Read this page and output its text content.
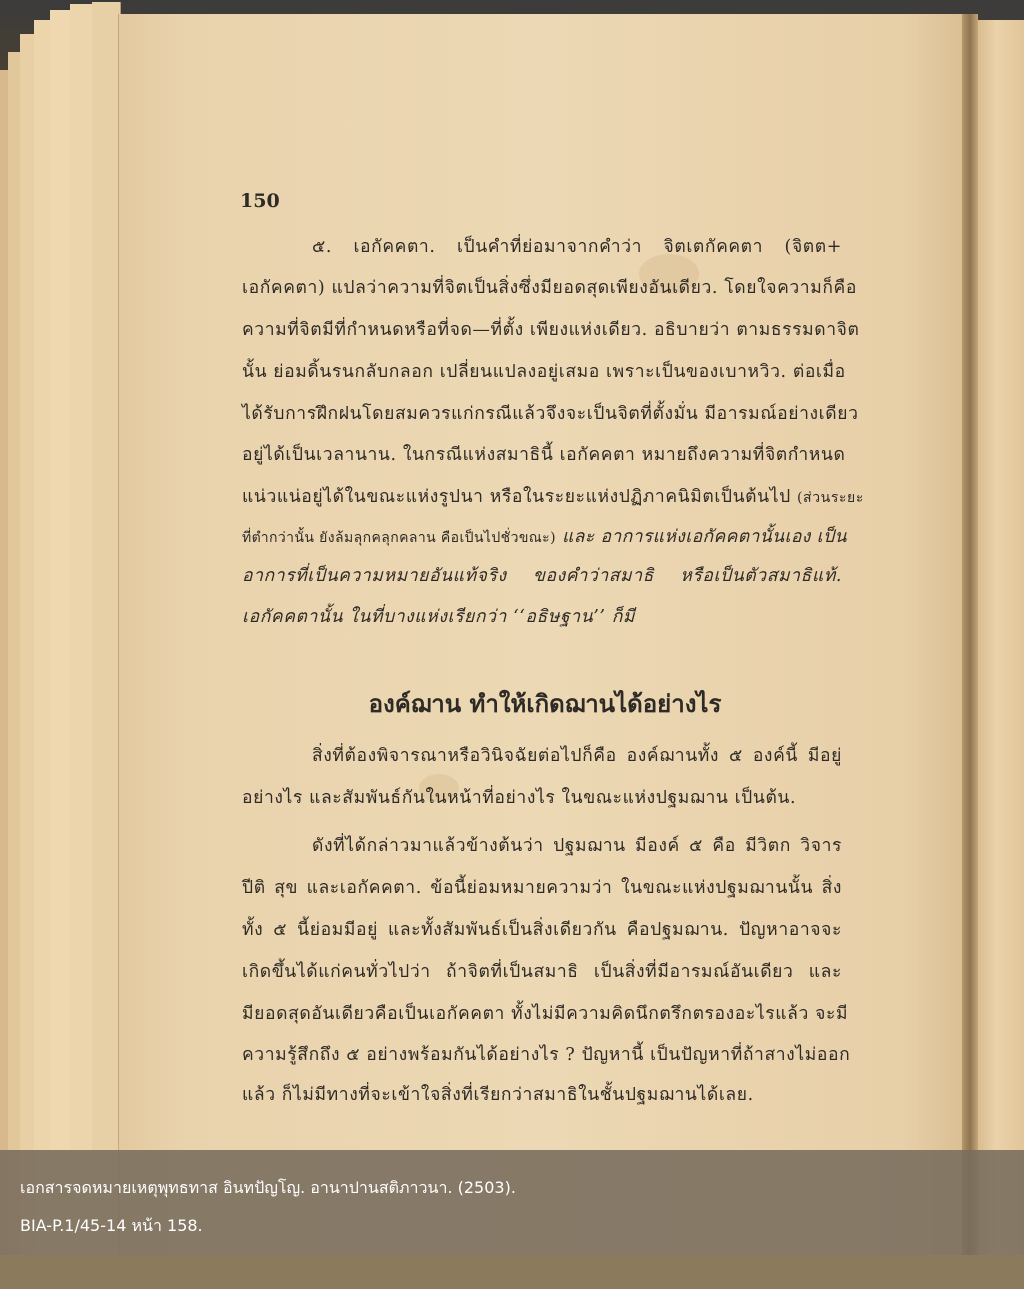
150
๕. เอกัคคตา. เป็นคำที่ย่อมาจากคำว่า จิตเตกัคคตา (จิตต+
เอกัคคตา) แปลว่าความที่จิตเป็นสิ่งซึ่งมียอดสุดเพียงอันเดียว. โดยใจความก็คือ
ความที่จิตมีที่กำหนดหรือที่จด—ที่ตั้ง เพียงแห่งเดียว. อธิบายว่า ตามธรรมดาจิต
นั้น ย่อมดิ้นรนกลับกลอก เปลี่ยนแปลงอยู่เสมอ เพราะเป็นของเบาหวิว. ต่อเมื่อ
ได้รับการฝึกฝนโดยสมควรแก่กรณีแล้วจึงจะเป็นจิตที่ตั้งมั่น มีอารมณ์อย่างเดียว
อยู่ได้เป็นเวลานาน. ในกรณีแห่งสมาธินี้ เอกัคคตา หมายถึงความที่จิตกำหนด
แน่วแน่อยู่ได้ในขณะแห่งรูปนา หรือในระยะแห่งปฏิภาคนิมิตเป็นต้นไป (ส่วนระยะ
ที่ตำกว่านั้น ยังล้มลุกคลุกคลาน คือเป็นไปชั่วขณะ) และ อาการแห่งเอกัคคตานั้นเอง เป็น
อาการที่เป็นความหมายอันแท้จริง ของคำว่าสมาธิ หรือเป็นตัวสมาธิแท้.
เอกัคคตานั้น ในที่บางแห่งเรียกว่า ‘‘อธิษฐาน’’ ก็มี
องค์ฌาน ทำให้เกิดฌานได้อย่างไร
สิ่งที่ต้องพิจารณาหรือวินิจฉัยต่อไปก็คือ องค์ฌานทั้ง ๕ องค์นี้ มีอยู่
อย่างไร และสัมพันธ์กันในหน้าที่อย่างไร ในขณะแห่งปฐมฌาน เป็นต้น.
ดังที่ได้กล่าวมาแล้วข้างต้นว่า ปฐมฌาน มีองค์ ๕ คือ มีวิตก วิจาร
ปีติ สุข และเอกัคคตา. ข้อนี้ย่อมหมายความว่า ในขณะแห่งปฐมฌานนั้น สิ่ง
ทั้ง ๕ นี้ย่อมมีอยู่ และทั้งสัมพันธ์เป็นสิ่งเดียวกัน คือปฐมฌาน. ปัญหาอาจจะ
เกิดขึ้นได้แก่คนทั่วไปว่า ถ้าจิตที่เป็นสมาธิ เป็นสิ่งที่มีอารมณ์อันเดียว และ
มียอดสุดอันเดียวคือเป็นเอกัคคตา ทั้งไม่มีความคิดนึกตรึกตรองอะไรแล้ว จะมี
ความรู้สึกถึง ๕ อย่างพร้อมกันได้อย่างไร ? ปัญหานี้ เป็นปัญหาที่ถ้าสางไม่ออก
แล้ว ก็ไม่มีทางที่จะเข้าใจสิ่งที่เรียกว่าสมาธิในชั้นปฐมฌานได้เลย.
เอกสารจดหมายเหตุพุทธทาส อินทปัญโญ. อานาปานสติภาวนา. (2503).
BIA-P.1/45-14 หน้า 158.
